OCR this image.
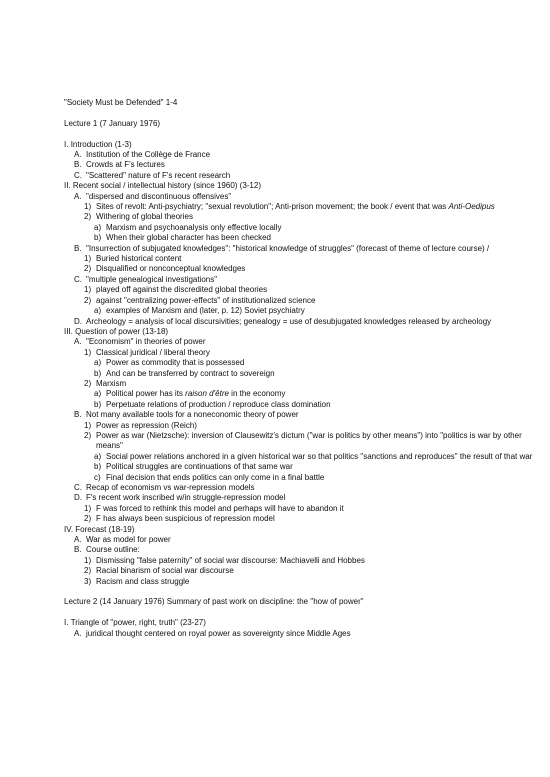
"Society Must be Defended" 1-4
Lecture 1 (7 January 1976)
I.
Introduction (1-3)
A. Institution of the Collège de France
B. Crowds at F's lectures
C. "Scattered" nature of F's recent research
II.
Recent social / intellectual history (since 1960) (3-12)
A. "dispersed and discontinuous offensives"
1) Sites of revolt: Anti-psychiatry; "sexual revolution"; Anti-prison movement; the book / event that was Anti-Oedipus
2) Withering of global theories
a) Marxism and psychoanalysis only effective locally
b) When their global character has been checked
B. "Insurrection of subjugated knowledges": "historical knowledge of struggles" (forecast of theme of lecture course) /
1) Buried historical content
2) Disqualified or nonconceptual knowledges
C. "multiple genealogical investigations"
1) played off against the discredited global theories
2) against "centralizing power-effects" of institutionalized science
a) examples of Marxism and (later, p. 12) Soviet psychiatry
D. Archeology = analysis of local discursivities; genealogy = use of desubjugated knowledges released by archeology
III.
Question of power (13-18)
A. "Economism" in theories of power
1) Classical juridical / liberal theory
a) Power as commodity that is possessed
b) And can be transferred by contract to sovereign
2) Marxism
a) Political power has its raison d'être in the economy
b) Perpetuate relations of production / reproduce class domination
B. Not many available tools for a noneconomic theory of power
1) Power as repression (Reich)
2) Power as war (Nietzsche): inversion of Clausewitz's dictum ("war is politics by other means") into "politics is war by other means"
a) Social power relations anchored in a given historical war so that politics "sanctions and reproduces" the result of that war
b) Political struggles are continuations of that same war
c) Final decision that ends politics can only come in a final battle
C. Recap of economism vs war-repression models
D. F's recent work inscribed w/in struggle-repression model
1) F was forced to rethink this model and perhaps will have to abandon it
2) F has always been suspicious of repression model
IV.
Forecast (18-19)
A. War as model for power
B. Course outline:
1) Dismissing "false paternity" of social war discourse: Machiavelli and Hobbes
2) Racial binarism of social war discourse
3) Racism and class struggle
Lecture 2 (14 January 1976) Summary of past work on discipline: the "how of power"
I.
Triangle of "power, right, truth" (23-27)
A. juridical thought centered on royal power as sovereignty since Middle Ages
